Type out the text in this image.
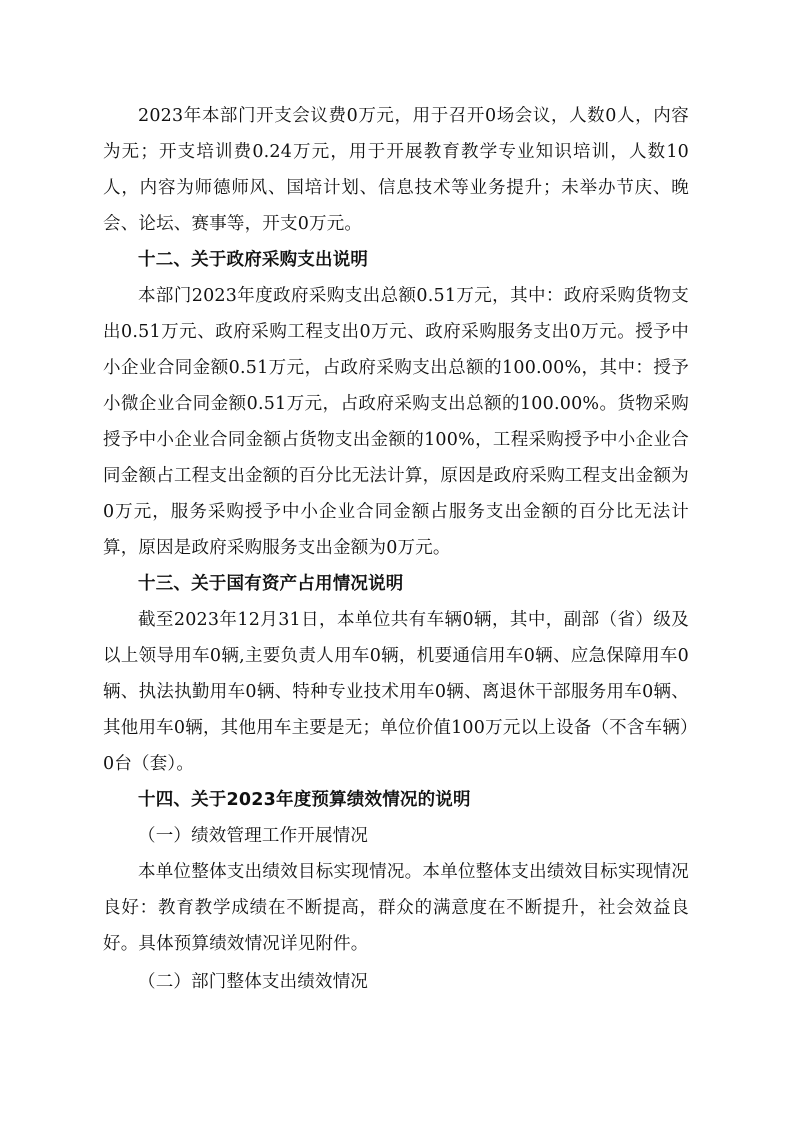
2023年本部门开支会议费0万元，用于召开0场会议，人数0人，内容为无；开支培训费0.24万元，用于开展教育教学专业知识培训，人数10人，内容为师德师风、国培计划、信息技术等业务提升；未举办节庆、晚会、论坛、赛事等，开支0万元。

十二、关于政府采购支出说明

本部门2023年度政府采购支出总额0.51万元，其中：政府采购货物支出0.51万元、政府采购工程支出0万元、政府采购服务支出0万元。授予中小企业合同金额0.51万元，占政府采购支出总额的100.00%，其中：授予小微企业合同金额0.51万元，占政府采购支出总额的100.00%。货物采购授予中小企业合同金额占货物支出金额的100%，工程采购授予中小企业合同金额占工程支出金额的百分比无法计算，原因是政府采购工程支出金额为0万元，服务采购授予中小企业合同金额占服务支出金额的百分比无法计算，原因是政府采购服务支出金额为0万元。

十三、关于国有资产占用情况说明

截至2023年12月31日，本单位共有车辆0辆，其中，副部（省）级及以上领导用车0辆,主要负责人用车0辆，机要通信用车0辆、应急保障用车0辆、执法执勤用车0辆、特种专业技术用车0辆、离退休干部服务用车0辆、其他用车0辆，其他用车主要是无；单位价值100万元以上设备（不含车辆）0台（套）。

十四、关于2023年度预算绩效情况的说明

（一）绩效管理工作开展情况

本单位整体支出绩效目标实现情况。本单位整体支出绩效目标实现情况良好：教育教学成绩在不断提高，群众的满意度在不断提升，社会效益良好。具体预算绩效情况详见附件。

（二）部门整体支出绩效情况
